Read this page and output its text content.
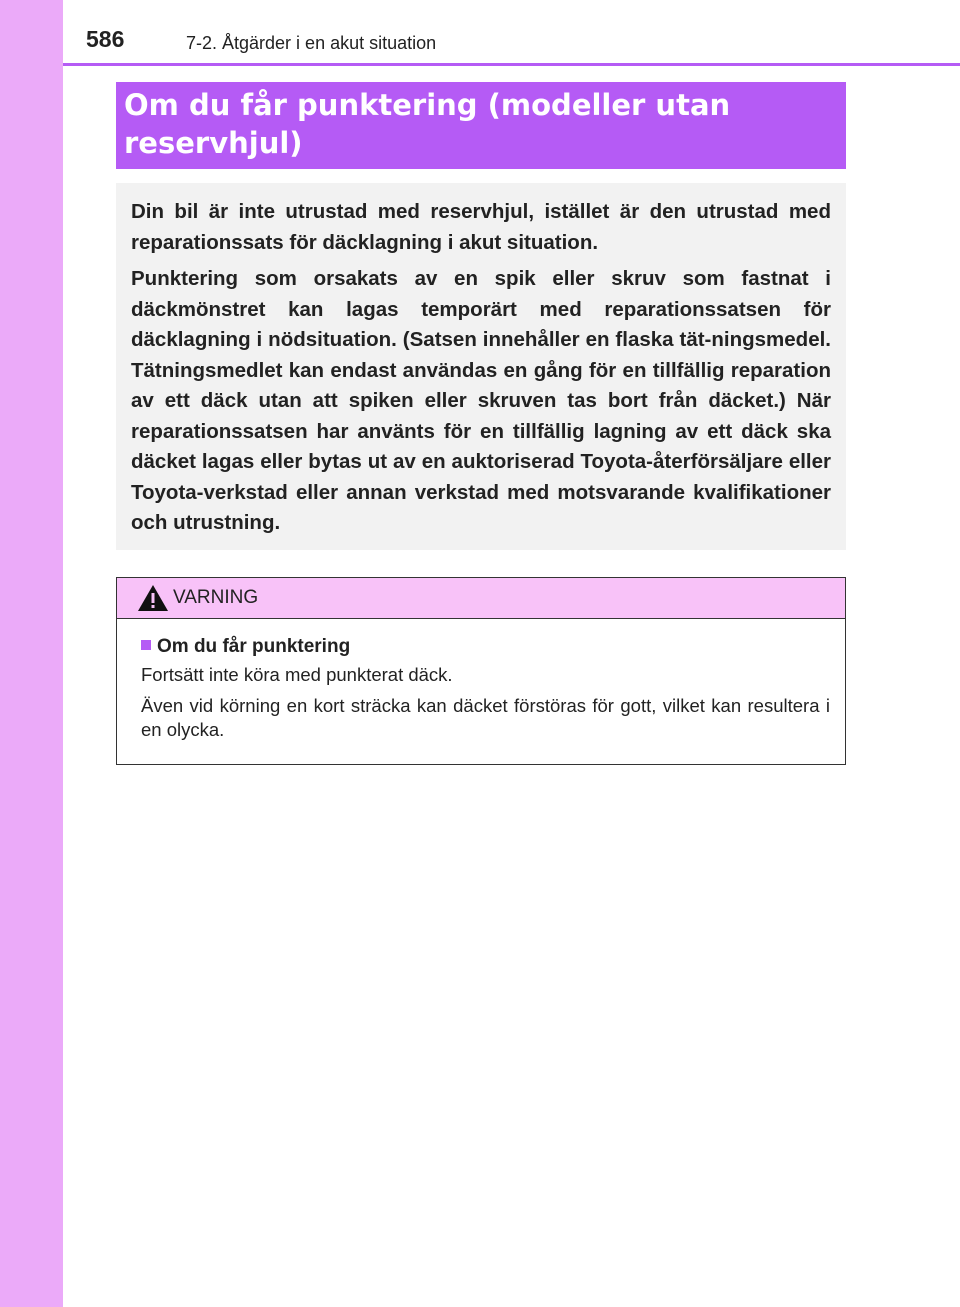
586	7-2. Åtgärder i en akut situation

Om du får punktering (modeller utan

reservhjul)

Din bil är inte utrustad med reservhjul, istället är den utrustad med reparationssats för däcklagning i akut situation.

Punktering som orsakats av en spik eller skruv som fastnat i däckmönstret kan lagas temporärt med reparationssatsen för däcklagning i nödsituation. (Satsen innehåller en flaska tät-ningsmedel. Tätningsmedlet kan endast användas en gång för en tillfällig reparation av ett däck utan att spiken eller skruven tas bort från däcket.) När reparationssatsen har använts för en tillfällig lagning av ett däck ska däcket lagas eller bytas ut av en auktoriserad Toyota-återförsäljare eller Toyota-verkstad eller annan verkstad med motsvarande kvalifikationer och utrustning.

VARNING
Om du får punktering
Fortsätt inte köra med punkterat däck.
Även vid körning en kort sträcka kan däcket förstöras för gott, vilket kan resultera i en olycka.
